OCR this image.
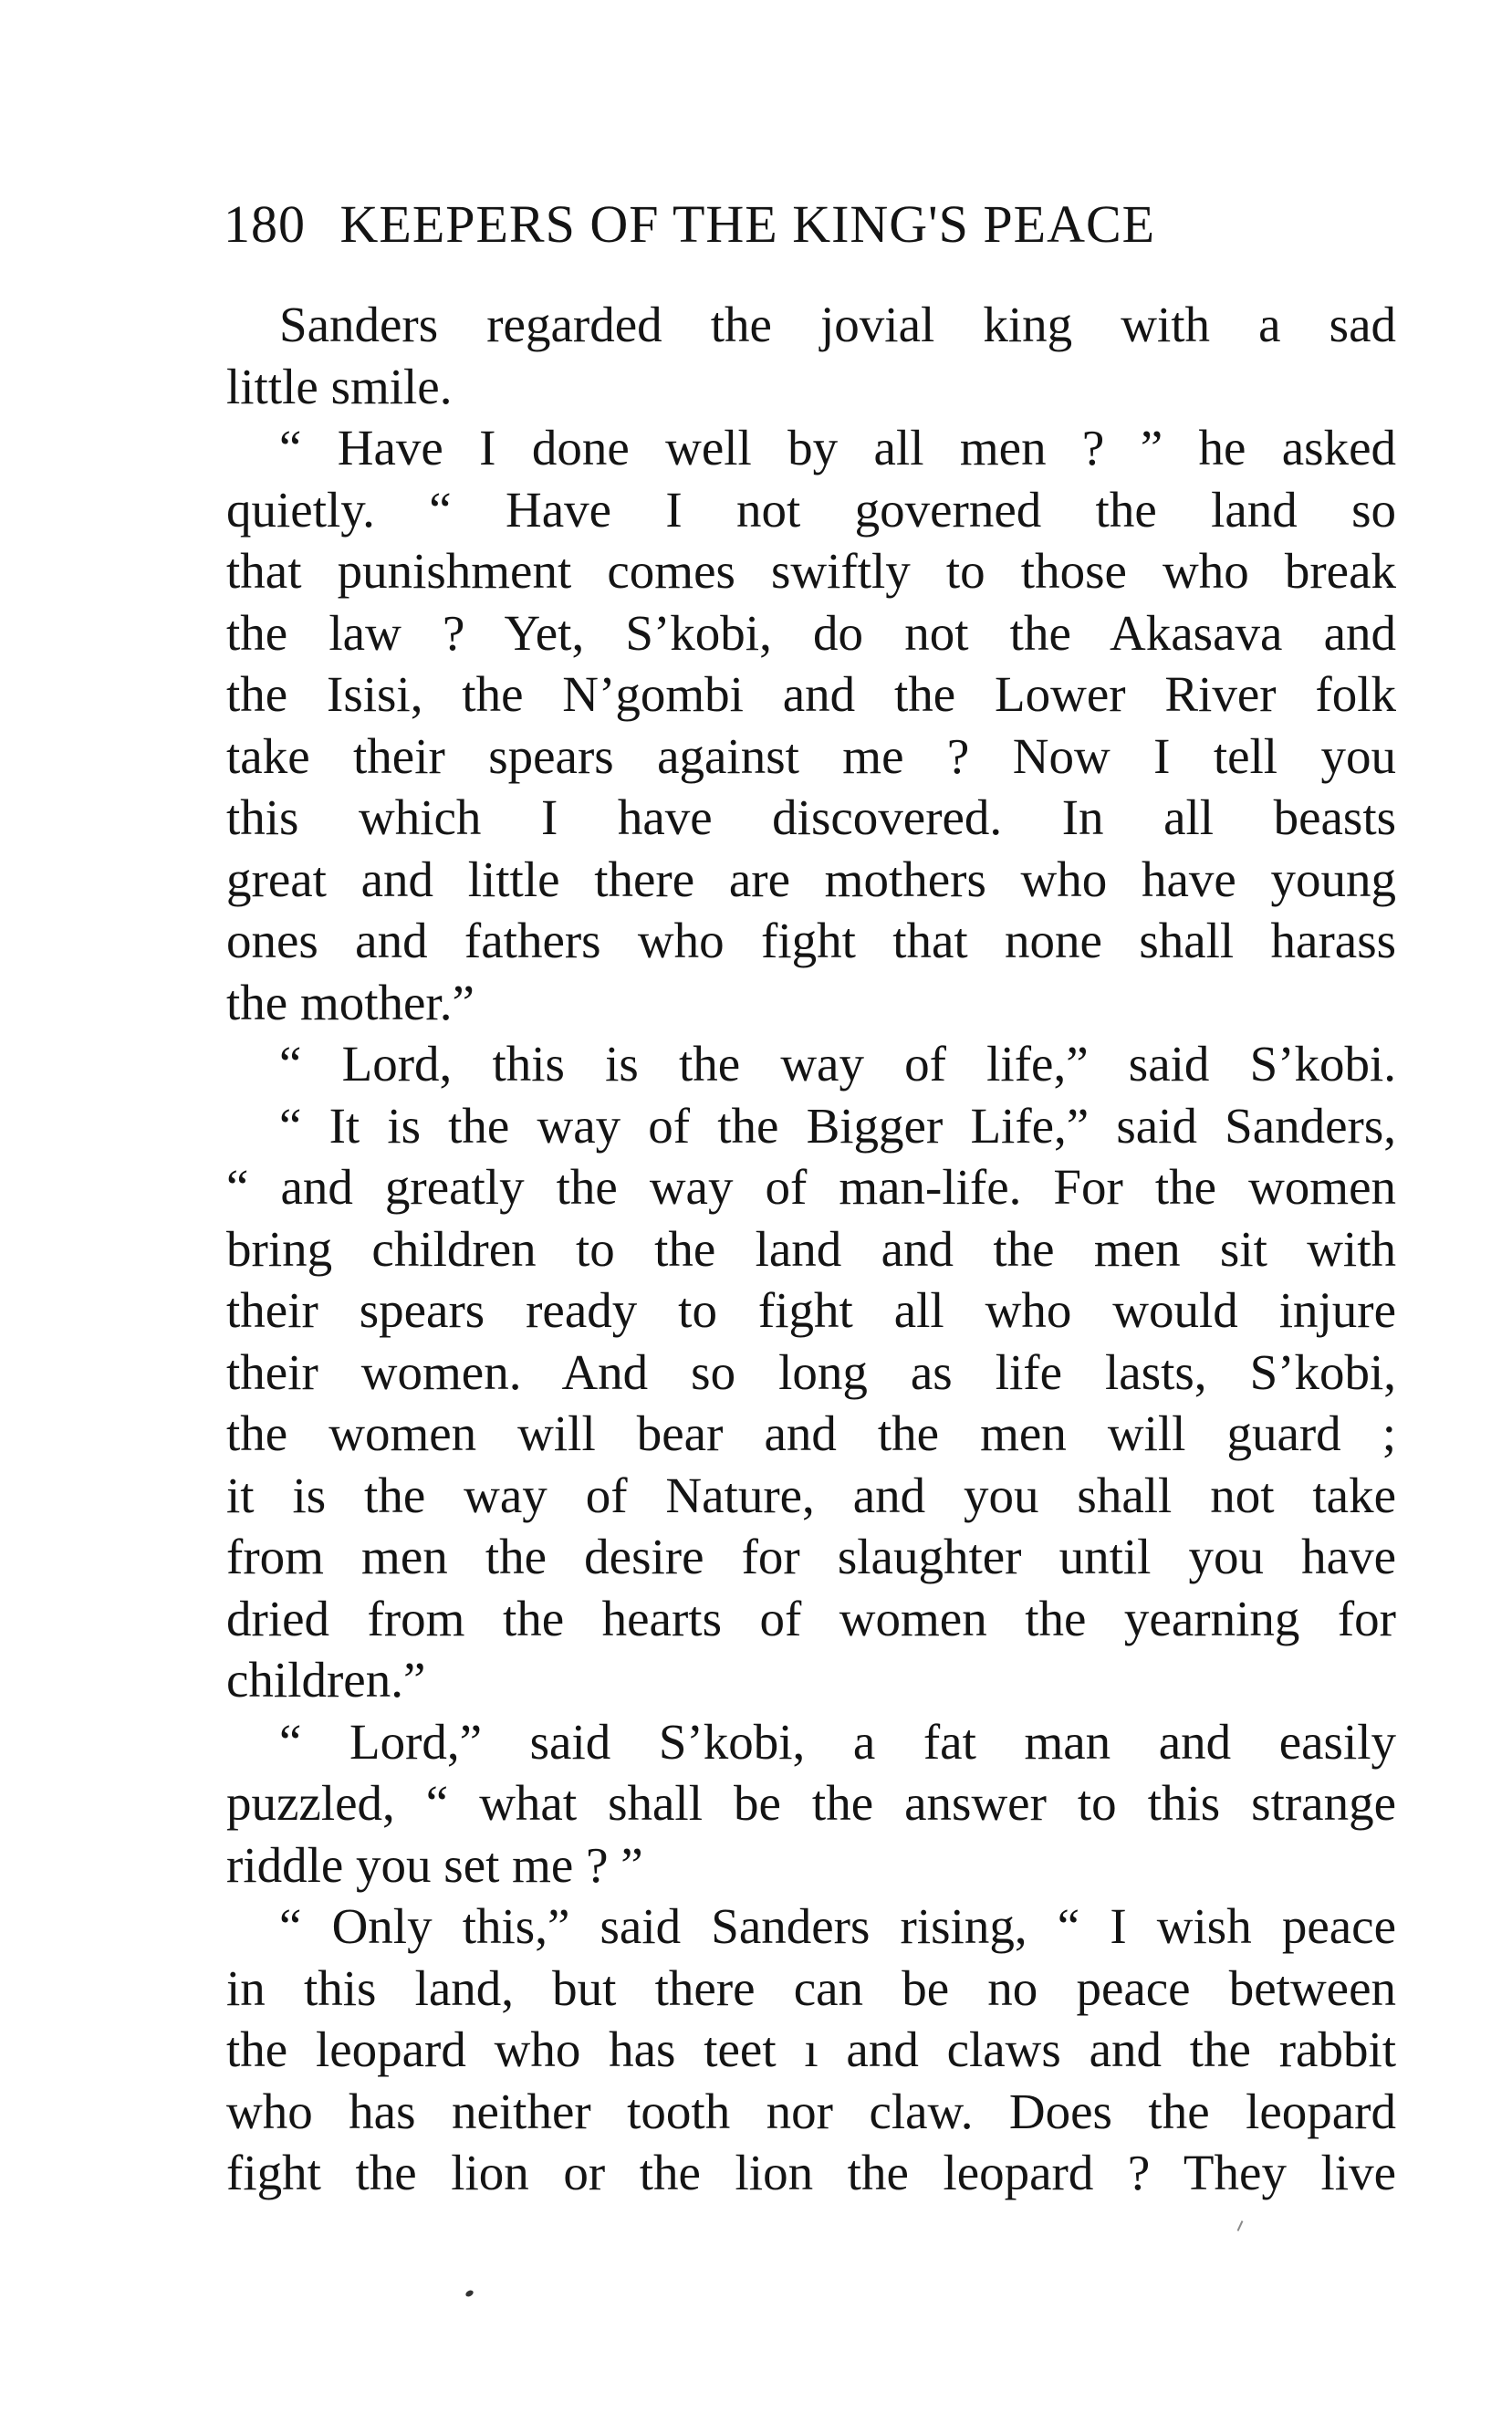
180 KEEPERS OF THE KING'S PEACE
Sanders regarded the jovial king with a sad
little smile.
“ Have I done well by all men ? ” he asked
quietly. “ Have I not governed the land so
that punishment comes swiftly to those who break
the law ? Yet, S’kobi, do not the Akasava and
the Isisi, the N’gombi and the Lower River folk
take their spears against me ? Now I tell you
this which I have discovered. In all beasts
great and little there are mothers who have young
ones and fathers who fight that none shall harass
the mother.”
“ Lord, this is the way of life,” said S’kobi.
“ It is the way of the Bigger Life,” said Sanders,
“ and greatly the way of man-life. For the women
bring children to the land and the men sit with
their spears ready to fight all who would injure
their women. And so long as life lasts, S’kobi,
the women will bear and the men will guard ;
it is the way of Nature, and you shall not take
from men the desire for slaughter until you have
dried from the hearts of women the yearning for
children.”
“ Lord,” said S’kobi, a fat man and easily
puzzled, “ what shall be the answer to this strange
riddle you set me ? ”
“ Only this,” said Sanders rising, “ I wish peace
in this land, but there can be no peace between
the leopard who has teet ı and claws and the rabbit
who has neither tooth nor claw. Does the leopard
fight the lion or the lion the leopard ? They live
